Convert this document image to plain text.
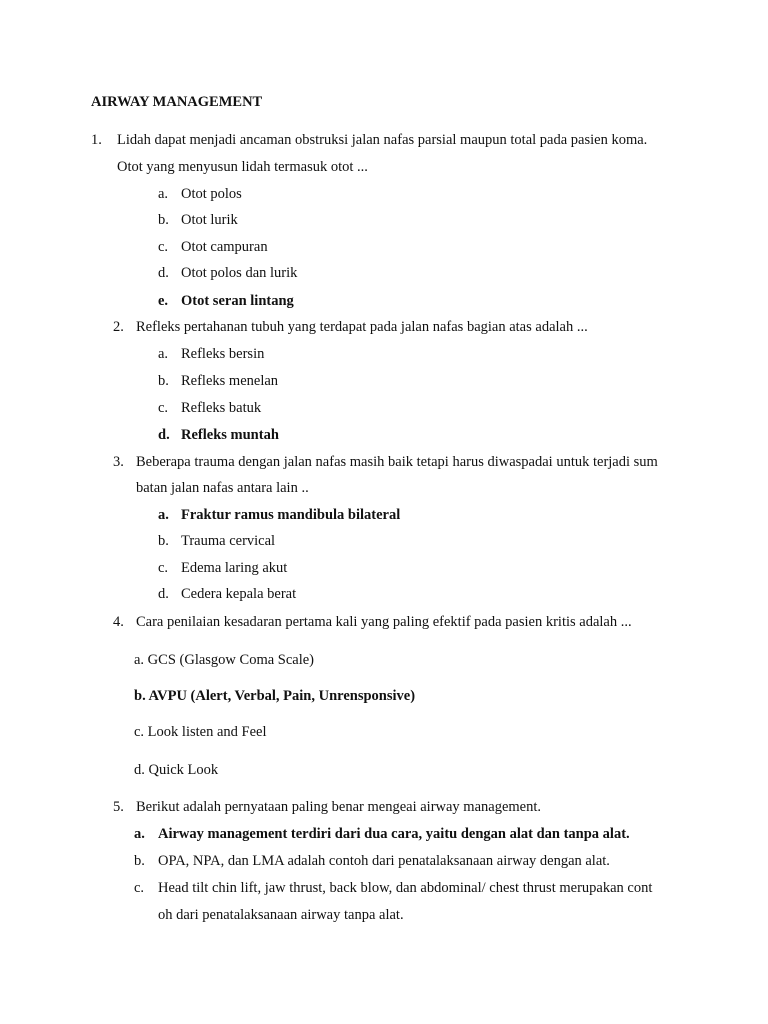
AIRWAY MANAGEMENT
1. Lidah dapat menjadi ancaman obstruksi jalan nafas parsial maupun total pada pasien koma.
Otot yang menyusun lidah termasuk otot ...
a. Otot polos
b. Otot lurik
c. Otot campuran
d. Otot polos dan lurik
e. Otot seran lintang
2. Refleks pertahanan tubuh yang terdapat pada jalan nafas bagian atas adalah ...
a. Refleks bersin
b. Refleks menelan
c. Refleks batuk
d. Refleks muntah
3. Beberapa trauma dengan jalan nafas masih baik tetapi harus diwaspadai untuk terjadi sum
batan jalan nafas antara lain ..
a. Fraktur ramus mandibula bilateral
b. Trauma cervical
c. Edema laring akut
d. Cedera kepala berat
4. Cara penilaian kesadaran pertama kali yang paling efektif pada pasien kritis adalah ...
a. GCS (Glasgow Coma Scale)
b. AVPU (Alert, Verbal, Pain, Unrensponsive)
c. Look listen and Feel
d. Quick Look
5. Berikut adalah pernyataan paling benar mengeai airway management.
a. Airway management terdiri dari dua cara, yaitu dengan alat dan tanpa alat.
b. OPA, NPA, dan LMA adalah contoh dari penatalaksanaan airway dengan alat.
c. Head tilt chin lift, jaw thrust, back blow, dan abdominal/ chest thrust merupakan cont
oh dari penatalaksanaan airway tanpa alat.
